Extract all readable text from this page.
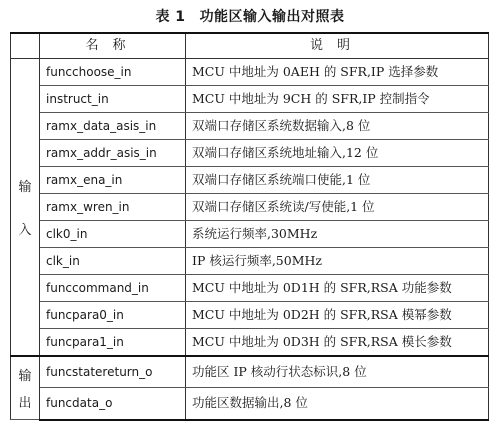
表 1 功能区输入输出对照表
	名称	说明

输
入	funcchoose_in	MCU 中地址为 0AEH 的 SFR,IP 选择参数
	instruct_in	MCU 中地址为 9CH 的 SFR,IP 控制指令
	ramx_data_asis_in	双端口存储区系统数据输入,8 位
	ramx_addr_asis_in	双端口存储区系统地址输入,12 位
	ramx_ena_in	双端口存储区系统端口使能,1 位
	ramx_wren_in	双端口存储区系统读/写使能,1 位
	clk0_in	系统运行频率,30MHz
	clk_in	IP 核运行频率,50MHz
	funccommand_in	MCU 中地址为 0D1H 的 SFR,RSA 功能参数
	funcpara0_in	MCU 中地址为 0D2H 的 SFR,RSA 模幂参数
	funcpara1_in	MCU 中地址为 0D3H 的 SFR,RSA 模长参数

输
出	funcstatereturn_o	功能区 IP 核动行状态标识,8 位
	funcdata_o	功能区数据输出,8 位
